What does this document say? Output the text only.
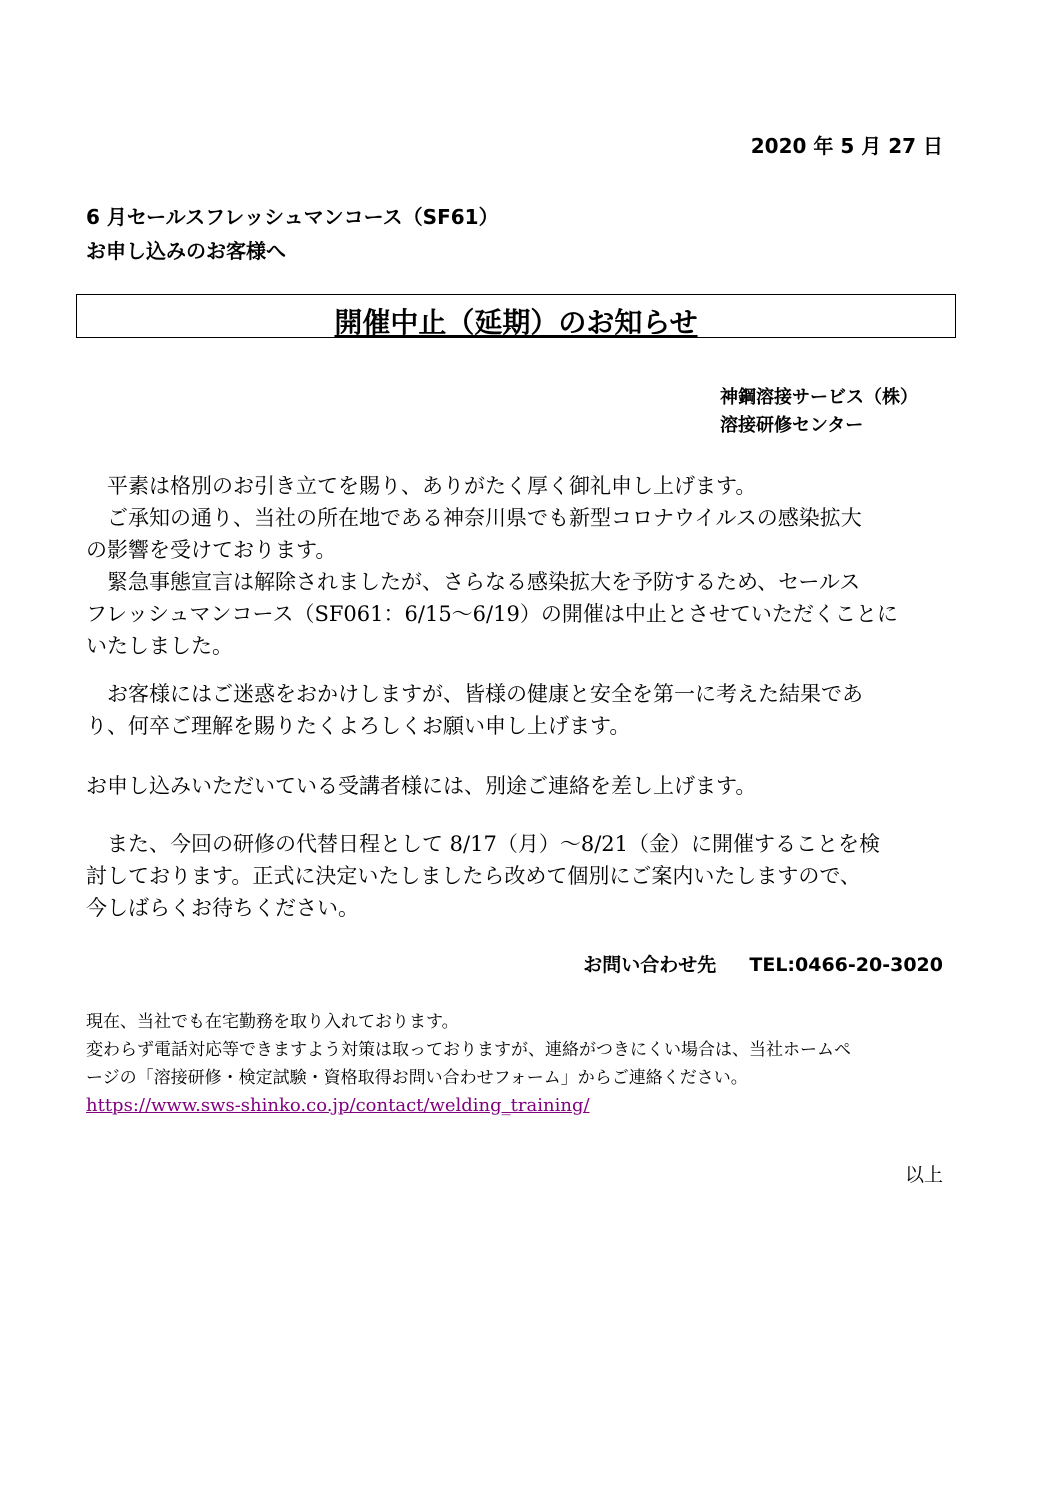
2020 年 5 月 27 日
6 月セールスフレッシュマンコース（SF61）
お申し込みのお客様へ
開催中止（延期）のお知らせ
神鋼溶接サービス（株）
溶接研修センター
　平素は格別のお引き立てを賜り、ありがたく厚く御礼申し上げます。
　ご承知の通り、当社の所在地である神奈川県でも新型コロナウイルスの感染拡大
の影響を受けております。
　緊急事態宣言は解除されましたが、さらなる感染拡大を予防するため、セールス
フレッシュマンコース（SF061：6/15～6/19）の開催は中止とさせていただくことに
いたしました。
　お客様にはご迷惑をおかけしますが、皆様の健康と安全を第一に考えた結果であ
り、何卒ご理解を賜りたくよろしくお願い申し上げます。
お申し込みいただいている受講者様には、別途ご連絡を差し上げます。
　また、今回の研修の代替日程として 8/17（月）～8/21（金）に開催することを検
討しております。正式に決定いたしましたら改めて個別にご案内いたしますので、
今しばらくお待ちください。
お問い合わせ先 TEL:0466-20-3020
現在、当社でも在宅勤務を取り入れております。
変わらず電話対応等できますよう対策は取っておりますが、連絡がつきにくい場合は、当社ホームペ
ージの「溶接研修・検定試験・資格取得お問い合わせフォーム」からご連絡ください。
https://www.sws-shinko.co.jp/contact/welding_training/
以上
